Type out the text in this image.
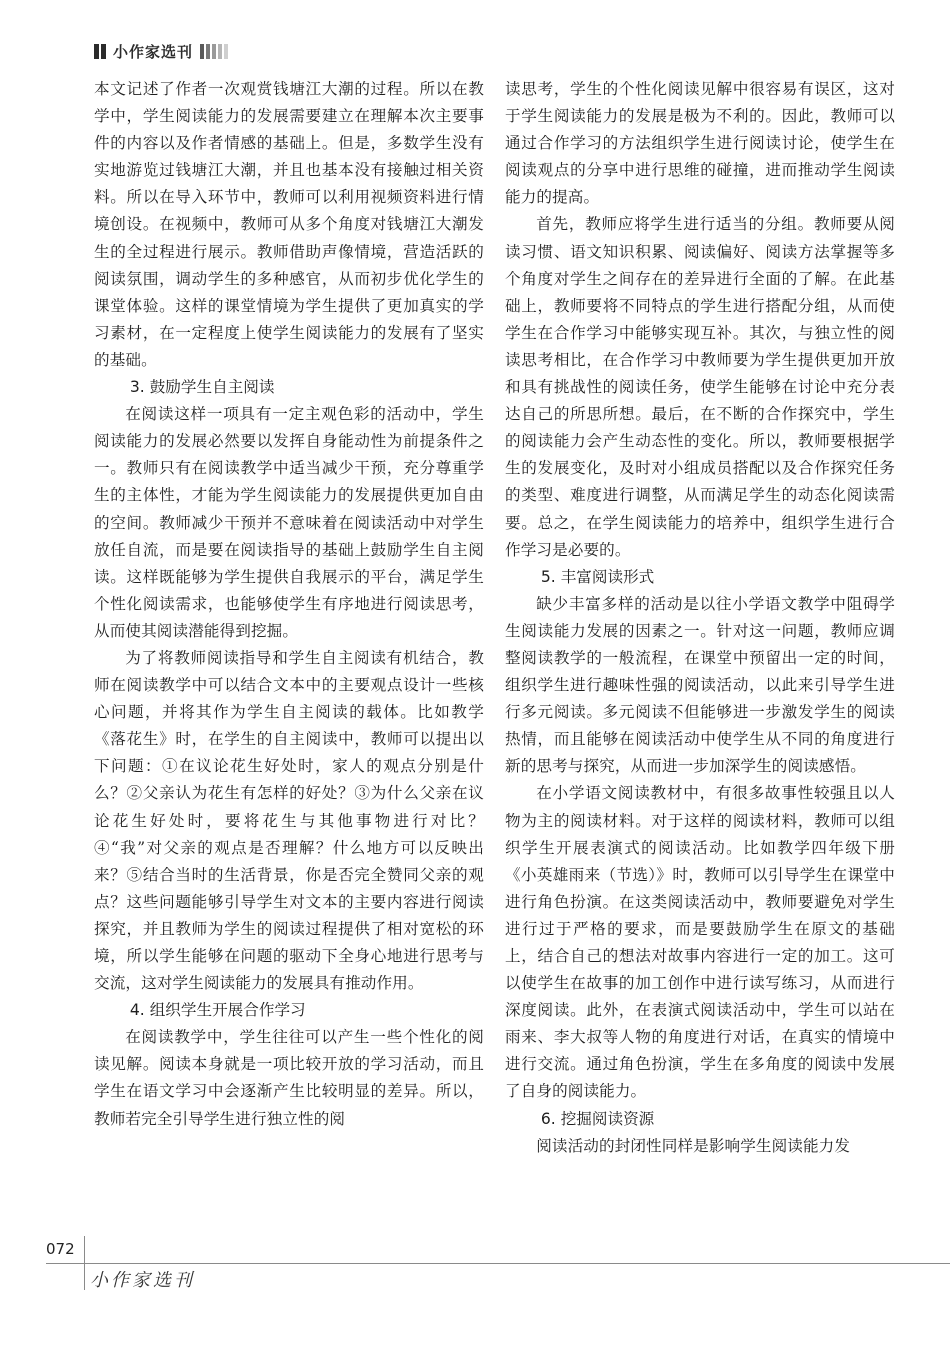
小作家选刊

本文记述了作者一次观赏钱塘江大潮的过程。所以在教学中，学生阅读能力的发展需要建立在理解本次主要事件的内容以及作者情感的基础上。但是，多数学生没有实地游览过钱塘江大潮，并且也基本没有接触过相关资料。所以在导入环节中，教师可以利用视频资料进行情境创设。在视频中，教师可从多个角度对钱塘江大潮发生的全过程进行展示。教师借助声像情境，营造活跃的阅读氛围，调动学生的多种感官，从而初步优化学生的课堂体验。这样的课堂情境为学生提供了更加真实的学习素材，在一定程度上使学生阅读能力的发展有了坚实的基础。

3. 鼓励学生自主阅读

在阅读这样一项具有一定主观色彩的活动中，学生阅读能力的发展必然要以发挥自身能动性为前提条件之一。教师只有在阅读教学中适当减少干预，充分尊重学生的主体性，才能为学生阅读能力的发展提供更加自由的空间。教师减少干预并不意味着在阅读活动中对学生放任自流，而是要在阅读指导的基础上鼓励学生自主阅读。这样既能够为学生提供自我展示的平台，满足学生个性化阅读需求，也能够使学生有序地进行阅读思考，从而使其阅读潜能得到挖掘。

为了将教师阅读指导和学生自主阅读有机结合，教师在阅读教学中可以结合文本中的主要观点设计一些核心问题，并将其作为学生自主阅读的载体。比如教学《落花生》时，在学生的自主阅读中，教师可以提出以下问题：①在议论花生好处时，家人的观点分别是什么？②父亲认为花生有怎样的好处？③为什么父亲在议论花生好处时，要将花生与其他事物进行对比？④“我”对父亲的观点是否理解？什么地方可以反映出来？⑤结合当时的生活背景，你是否完全赞同父亲的观点？这些问题能够引导学生对文本的主要内容进行阅读探究，并且教师为学生的阅读过程提供了相对宽松的环境，所以学生能够在问题的驱动下全身心地进行思考与交流，这对学生阅读能力的发展具有推动作用。

4. 组织学生开展合作学习

在阅读教学中，学生往往可以产生一些个性化的阅读见解。阅读本身就是一项比较开放的学习活动，而且学生在语文学习中会逐渐产生比较明显的差异。所以，教师若完全引导学生进行独立性的阅

读思考，学生的个性化阅读见解中很容易有误区，这对于学生阅读能力的发展是极为不利的。因此，教师可以通过合作学习的方法组织学生进行阅读讨论，使学生在阅读观点的分享中进行思维的碰撞，进而推动学生阅读能力的提高。

首先，教师应将学生进行适当的分组。教师要从阅读习惯、语文知识积累、阅读偏好、阅读方法掌握等多个角度对学生之间存在的差异进行全面的了解。在此基础上，教师要将不同特点的学生进行搭配分组，从而使学生在合作学习中能够实现互补。其次，与独立性的阅读思考相比，在合作学习中教师要为学生提供更加开放和具有挑战性的阅读任务，使学生能够在讨论中充分表达自己的所思所想。最后，在不断的合作探究中，学生的阅读能力会产生动态性的变化。所以，教师要根据学生的发展变化，及时对小组成员搭配以及合作探究任务的类型、难度进行调整，从而满足学生的动态化阅读需要。总之，在学生阅读能力的培养中，组织学生进行合作学习是必要的。

5. 丰富阅读形式

缺少丰富多样的活动是以往小学语文教学中阻碍学生阅读能力发展的因素之一。针对这一问题，教师应调整阅读教学的一般流程，在课堂中预留出一定的时间，组织学生进行趣味性强的阅读活动，以此来引导学生进行多元阅读。多元阅读不但能够进一步激发学生的阅读热情，而且能够在阅读活动中使学生从不同的角度进行新的思考与探究，从而进一步加深学生的阅读感悟。

在小学语文阅读教材中，有很多故事性较强且以人物为主的阅读材料。对于这样的阅读材料，教师可以组织学生开展表演式的阅读活动。比如教学四年级下册《小英雄雨来（节选）》时，教师可以引导学生在课堂中进行角色扮演。在这类阅读活动中，教师要避免对学生进行过于严格的要求，而是要鼓励学生在原文的基础上，结合自己的想法对故事内容进行一定的加工。这可以使学生在故事的加工创作中进行读写练习，从而进行深度阅读。此外，在表演式阅读活动中，学生可以站在雨来、李大叔等人物的角度进行对话，在真实的情境中进行交流。通过角色扮演，学生在多角度的阅读中发展了自身的阅读能力。

6. 挖掘阅读资源

阅读活动的封闭性同样是影响学生阅读能力发

072
小作家选刊
